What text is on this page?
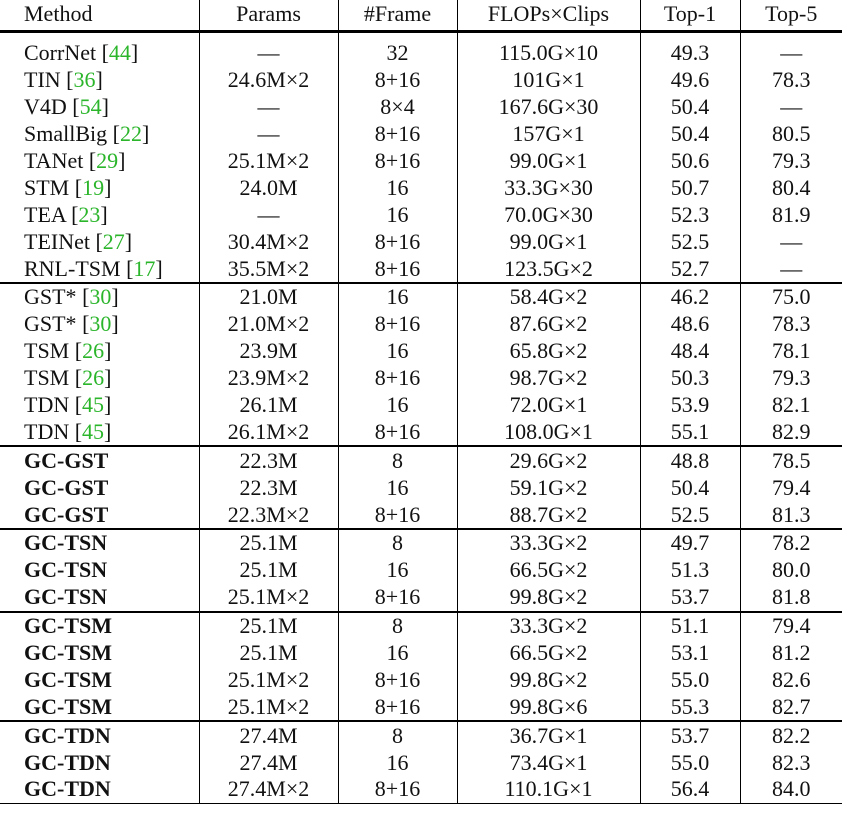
Method	Params	#Frame	FLOPs×Clips	Top-1	Top-5

CorrNet [44]	—	32	115.0G×10	49.3	—
TIN [36]	24.6M×2	8+16	101G×1	49.6	78.3
V4D [54]	—	8×4	167.6G×30	50.4	—
SmallBig [22]	—	8+16	157G×1	50.4	80.5
TANet [29]	25.1M×2	8+16	99.0G×1	50.6	79.3
STM [19]	24.0M	16	33.3G×30	50.7	80.4
TEA [23]	—	16	70.0G×30	52.3	81.9
TEINet [27]	30.4M×2	8+16	99.0G×1	52.5	—
RNL-TSM [17]	35.5M×2	8+16	123.5G×2	52.7	—
GST* [30]	21.0M	16	58.4G×2	46.2	75.0
GST* [30]	21.0M×2	8+16	87.6G×2	48.6	78.3
TSM [26]	23.9M	16	65.8G×2	48.4	78.1
TSM [26]	23.9M×2	8+16	98.7G×2	50.3	79.3
TDN [45]	26.1M	16	72.0G×1	53.9	82.1
TDN [45]	26.1M×2	8+16	108.0G×1	55.1	82.9
GC-GST	22.3M	8	29.6G×2	48.8	78.5
GC-GST	22.3M	16	59.1G×2	50.4	79.4
GC-GST	22.3M×2	8+16	88.7G×2	52.5	81.3
GC-TSN	25.1M	8	33.3G×2	49.7	78.2
GC-TSN	25.1M	16	66.5G×2	51.3	80.0
GC-TSN	25.1M×2	8+16	99.8G×2	53.7	81.8
GC-TSM	25.1M	8	33.3G×2	51.1	79.4
GC-TSM	25.1M	16	66.5G×2	53.1	81.2
GC-TSM	25.1M×2	8+16	99.8G×2	55.0	82.6
GC-TSM	25.1M×2	8+16	99.8G×6	55.3	82.7
GC-TDN	27.4M	8	36.7G×1	53.7	82.2
GC-TDN	27.4M	16	73.4G×1	55.0	82.3
GC-TDN	27.4M×2	8+16	110.1G×1	56.4	84.0
